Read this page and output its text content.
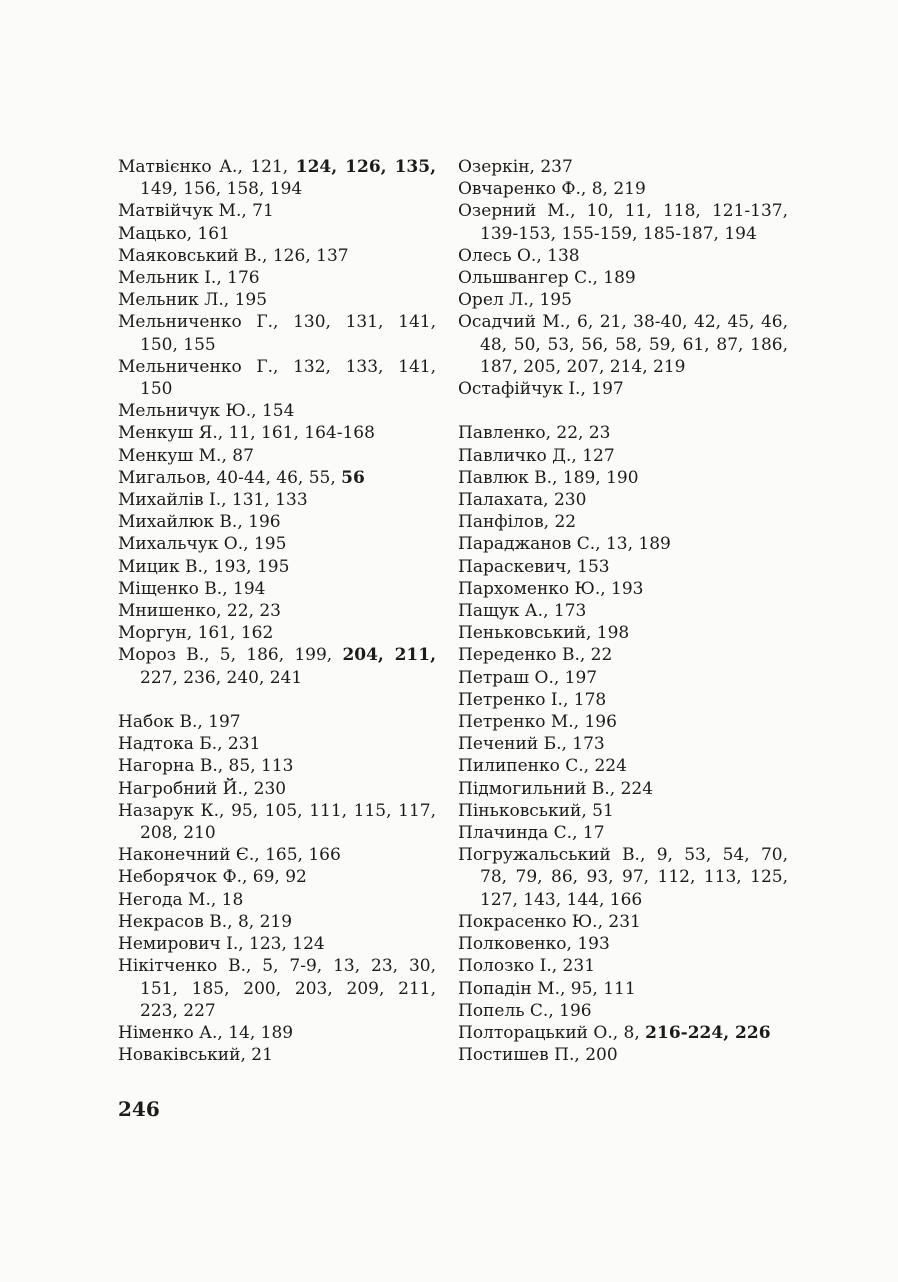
Матвієнко А., 121, 124, 126, 135, 149, 156, 158, 194
Матвійчук М., 71
Мацько, 161
Маяковський В., 126, 137
Мельник І., 176
Мельник Л., 195
Мельниченко Г., 130, 131, 141, 150, 155
Мельниченко Г., 132, 133, 141, 150
Мельничук Ю., 154
Менкуш Я., 11, 161, 164-168
Менкуш М., 87
Мигальов, 40-44, 46, 55, 56
Михайлів І., 131, 133
Михайлюк В., 196
Михальчук О., 195
Мицик В., 193, 195
Міщенко В., 194
Мнишенко, 22, 23
Моргун, 161, 162
Мороз В., 5, 186, 199, 204, 211, 227, 236, 240, 241
Набок В., 197
Надтока Б., 231
Нагорна В., 85, 113
Нагробний Й., 230
Назарук К., 95, 105, 111, 115, 117, 208, 210
Наконечний Є., 165, 166
Неборячок Ф., 69, 92
Негода М., 18
Некрасов В., 8, 219
Немирович І., 123, 124
Нікітченко В., 5, 7-9, 13, 23, 30, 151, 185, 200, 203, 209, 211, 223, 227
Німенко А., 14, 189
Новаківський, 21
Озеркін, 237
Овчаренко Ф., 8, 219
Озерний М., 10, 11, 118, 121-137, 139-153, 155-159, 185-187, 194
Олесь О., 138
Ольшвангер С., 189
Орел Л., 195
Осадчий М., 6, 21, 38-40, 42, 45, 46, 48, 50, 53, 56, 58, 59, 61, 87, 186, 187, 205, 207, 214, 219
Остафійчук І., 197
Павленко, 22, 23
Павличко Д., 127
Павлюк В., 189, 190
Палахата, 230
Панфілов, 22
Параджанов С., 13, 189
Параскевич, 153
Пархоменко Ю., 193
Пащук А., 173
Пеньковський, 198
Переденко В., 22
Петраш О., 197
Петренко І., 178
Петренко М., 196
Печений Б., 173
Пилипенко С., 224
Підмогильний В., 224
Піньковський, 51
Плачинда С., 17
Погружальський В., 9, 53, 54, 70, 78, 79, 86, 93, 97, 112, 113, 125, 127, 143, 144, 166
Покрасенко Ю., 231
Полковенко, 193
Полозко І., 231
Попадін М., 95, 111
Попель С., 196
Полторацький О., 8, 216-224, 226
Постишев П., 200
246
